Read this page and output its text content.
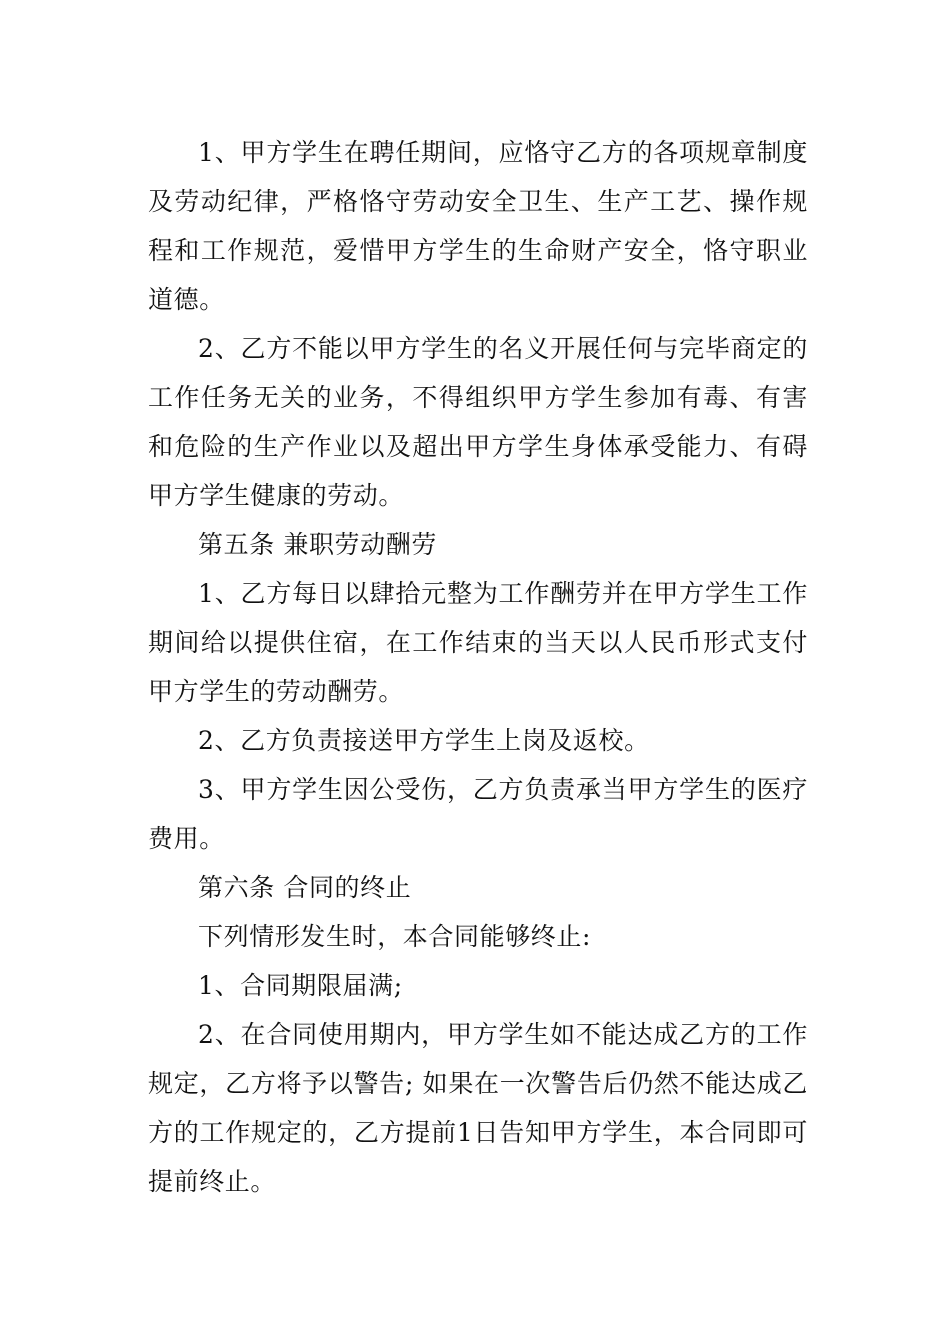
1、甲方学生在聘任期间，应恪守乙方的各项规章制度及劳动纪律，严格恪守劳动安全卫生、生产工艺、操作规程和工作规范，爱惜甲方学生的生命财产安全，恪守职业道德。

2、乙方不能以甲方学生的名义开展任何与完毕商定的工作任务无关的业务，不得组织甲方学生参加有毒、有害和危险的生产作业以及超出甲方学生身体承受能力、有碍甲方学生健康的劳动。

第五条 兼职劳动酬劳

1、乙方每日以肆拾元整为工作酬劳并在甲方学生工作期间给以提供住宿，在工作结束的当天以人民币形式支付甲方学生的劳动酬劳。

2、乙方负责接送甲方学生上岗及返校。

3、甲方学生因公受伤，乙方负责承当甲方学生的医疗费用。

第六条 合同的终止

下列情形发生时，本合同能够终止:

1、合同期限届满;

2、在合同使用期内，甲方学生如不能达成乙方的工作规定，乙方将予以警告; 如果在一次警告后仍然不能达成乙方的工作规定的，乙方提前1日告知甲方学生，本合同即可提前终止。
